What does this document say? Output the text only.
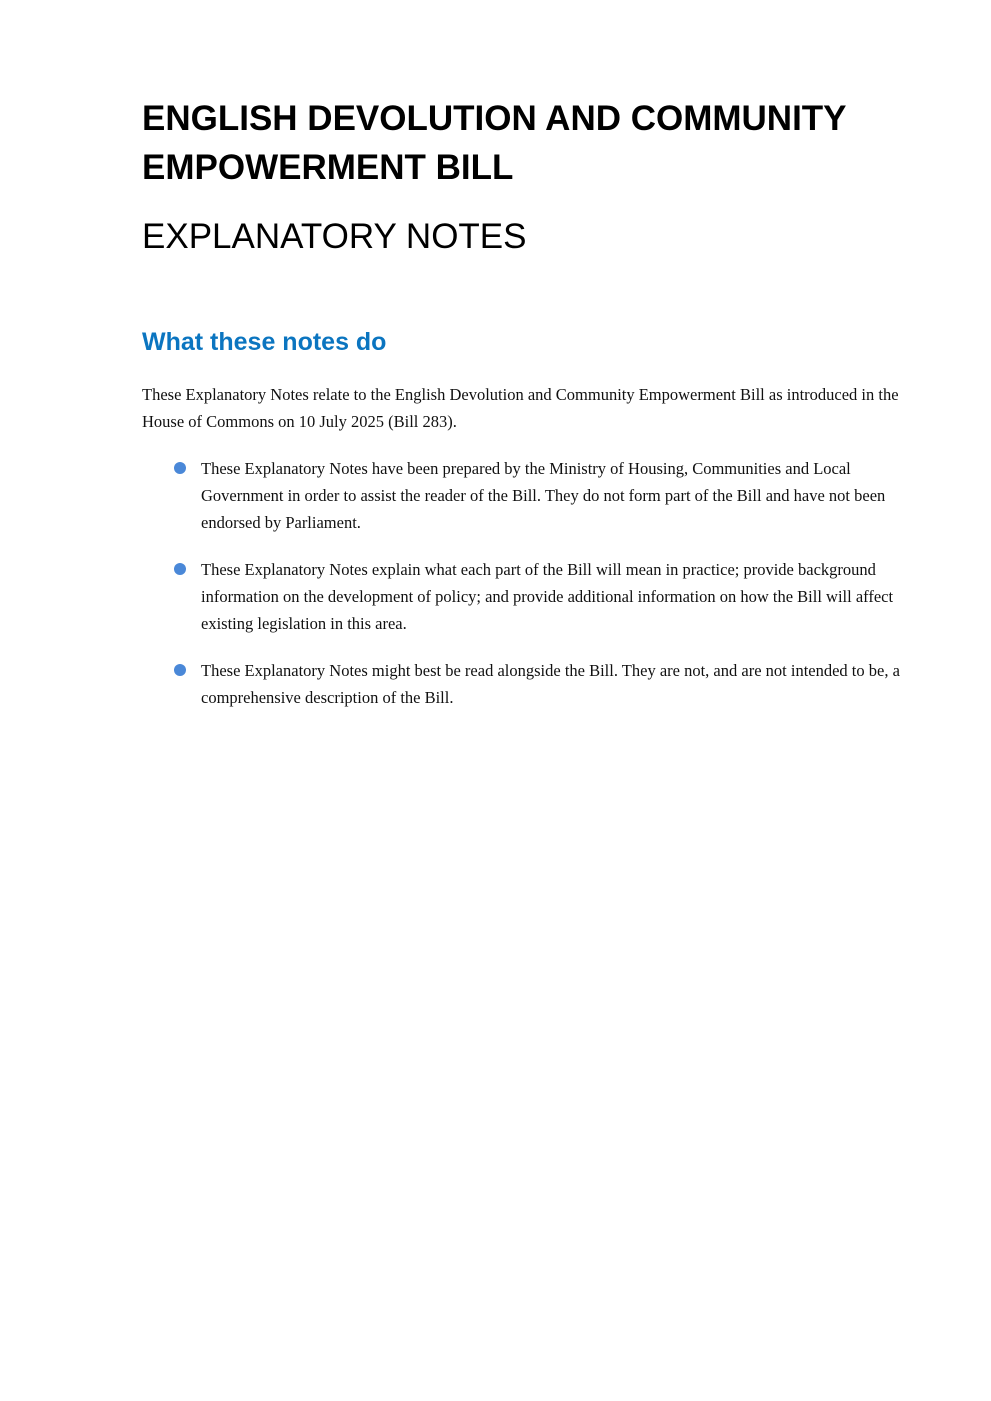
ENGLISH DEVOLUTION AND COMMUNITY EMPOWERMENT BILL
EXPLANATORY NOTES
What these notes do

These Explanatory Notes relate to the English Devolution and Community Empowerment Bill as introduced in the House of Commons on 10 July 2025 (Bill 283).

These Explanatory Notes have been prepared by the Ministry of Housing, Communities and Local Government in order to assist the reader of the Bill. They do not form part of the Bill and have not been endorsed by Parliament.
These Explanatory Notes explain what each part of the Bill will mean in practice; provide background information on the development of policy; and provide additional information on how the Bill will affect existing legislation in this area.
These Explanatory Notes might best be read alongside the Bill. They are not, and are not intended to be, a comprehensive description of the Bill.
